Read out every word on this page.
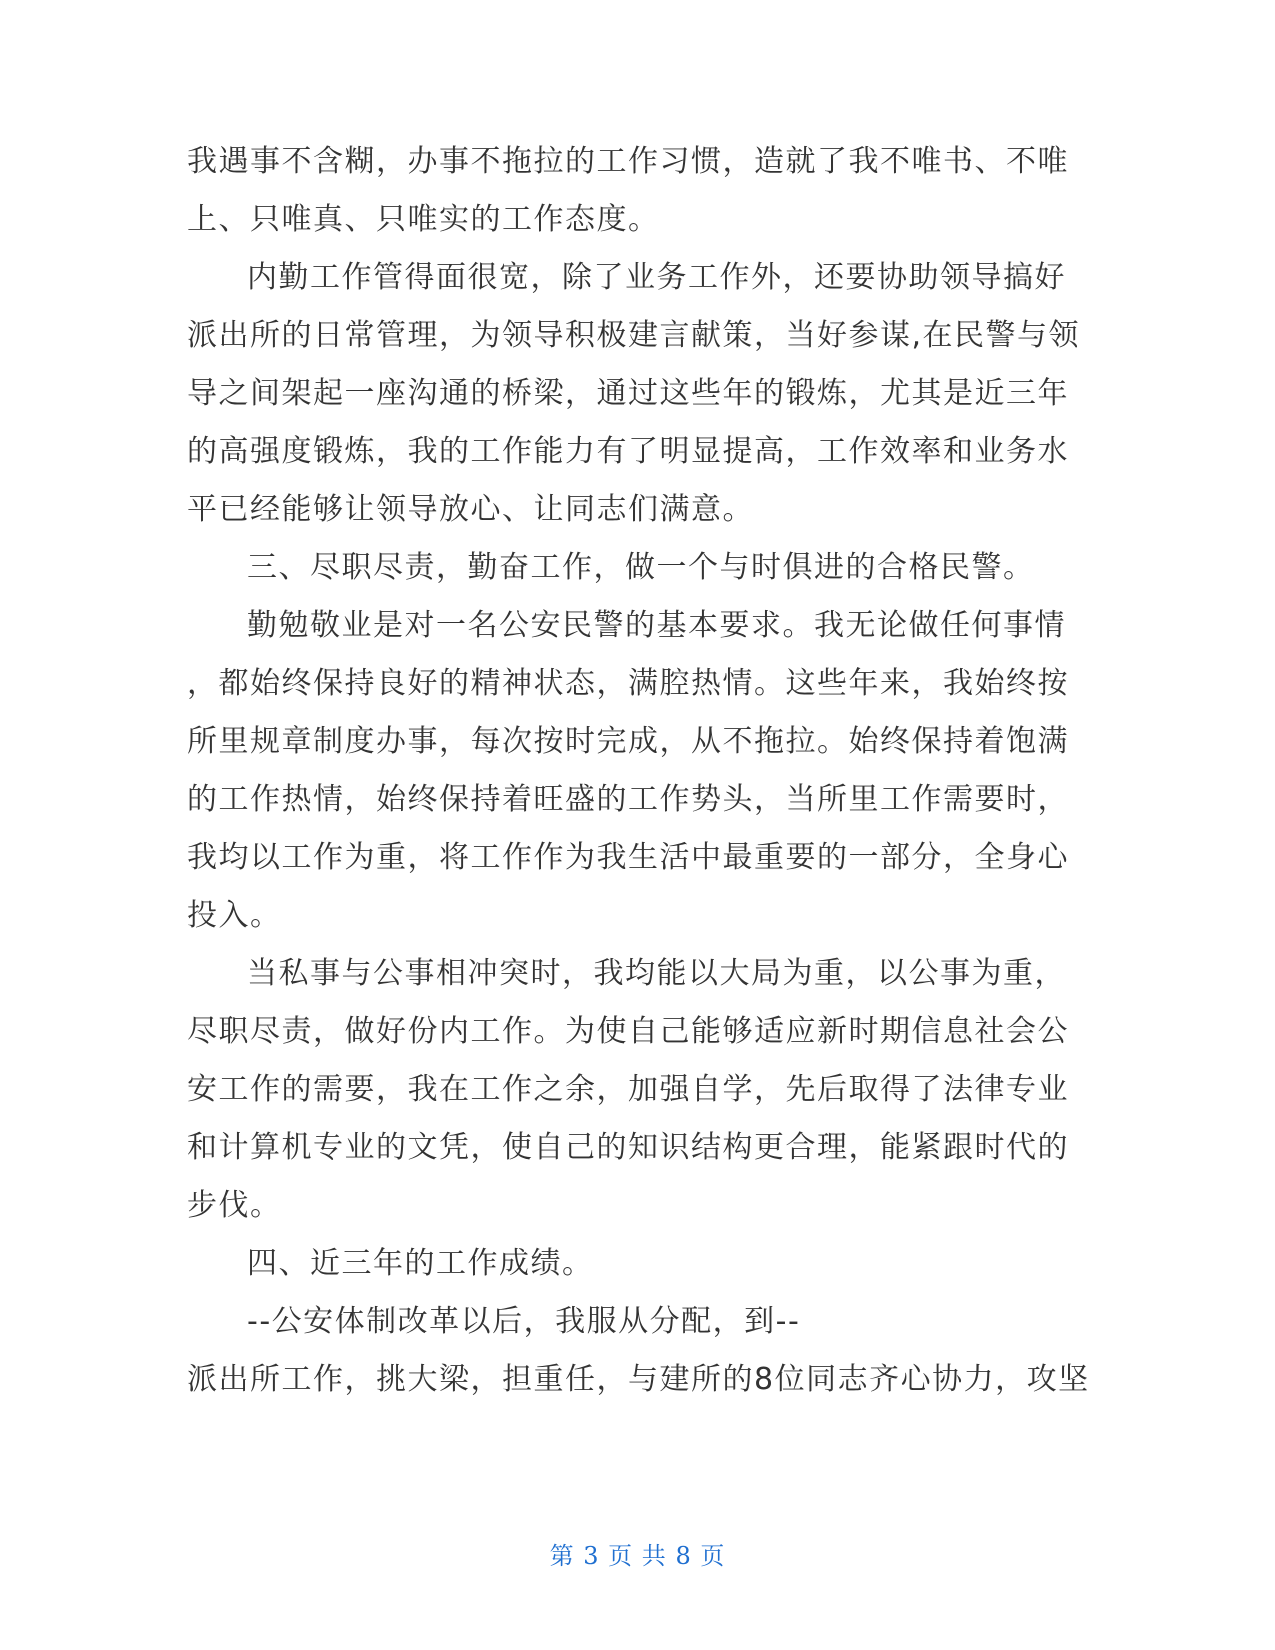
我遇事不含糊，办事不拖拉的工作习惯，造就了我不唯书、不唯
上、只唯真、只唯实的工作态度。
内勤工作管得面很宽，除了业务工作外，还要协助领导搞好
派出所的日常管理，为领导积极建言献策，当好参谋,在民警与领
导之间架起一座沟通的桥梁，通过这些年的锻炼，尤其是近三年
的高强度锻炼，我的工作能力有了明显提高，工作效率和业务水
平已经能够让领导放心、让同志们满意。
三、尽职尽责，勤奋工作，做一个与时俱进的合格民警。
勤勉敬业是对一名公安民警的基本要求。我无论做任何事情
，都始终保持良好的精神状态，满腔热情。这些年来，我始终按
所里规章制度办事，每次按时完成，从不拖拉。始终保持着饱满
的工作热情，始终保持着旺盛的工作势头，当所里工作需要时，
我均以工作为重，将工作作为我生活中最重要的一部分，全身心
投入。
当私事与公事相冲突时，我均能以大局为重，以公事为重，
尽职尽责，做好份内工作。为使自己能够适应新时期信息社会公
安工作的需要，我在工作之余，加强自学，先后取得了法律专业
和计算机专业的文凭，使自己的知识结构更合理，能紧跟时代的
步伐。
四、近三年的工作成绩。
--公安体制改革以后，我服从分配，到--
派出所工作，挑大梁，担重任，与建所的8位同志齐心协力，攻坚
第 3 页 共 8 页
